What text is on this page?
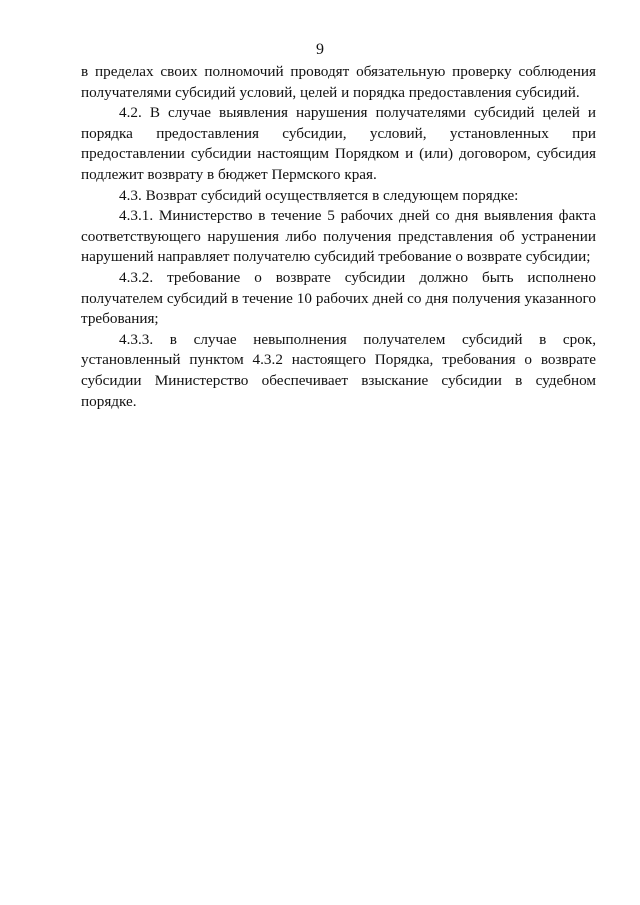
9

в пределах своих полномочий проводят обязательную проверку соблюдения получателями субсидий условий, целей и порядка предоставления субсидий.

4.2. В случае выявления нарушения получателями субсидий целей и порядка предоставления субсидии, условий, установленных при предоставлении субсидии настоящим Порядком и (или) договором, субсидия подлежит возврату в бюджет Пермского края.

4.3. Возврат субсидий осуществляется в следующем порядке:

4.3.1. Министерство в течение 5 рабочих дней со дня выявления факта соответствующего нарушения либо получения представления об устранении нарушений направляет получателю субсидий требование о возврате субсидии;

4.3.2. требование о возврате субсидии должно быть исполнено получателем субсидий в течение 10 рабочих дней со дня получения указанного требования;

4.3.3. в случае невыполнения получателем субсидий в срок, установленный пунктом 4.3.2 настоящего Порядка, требования о возврате субсидии Министерство обеспечивает взыскание субсидии в судебном порядке.
